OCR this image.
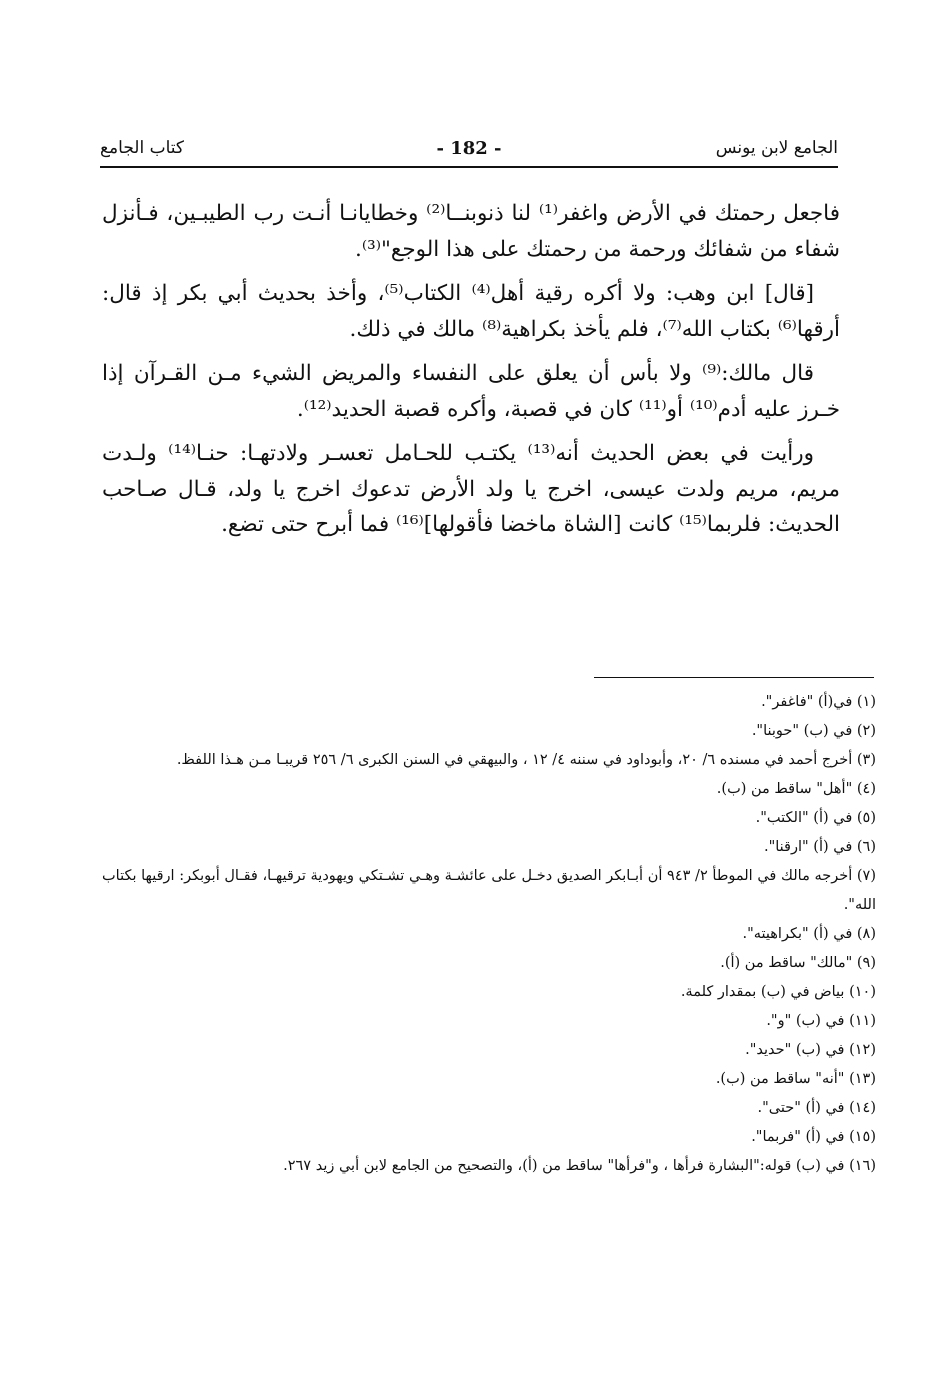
الجامع لابن يونس
- 182 -
كتاب الجامع

فاجعل رحمتك في الأرض واغفر⁽¹⁾ لنا ذنوبنــا⁽²⁾ وخطايانـا أنـت رب الطيبـين، فـأنزل شفاء من شفائك ورحمة من رحمتك على هذا الوجع"⁽³⁾.

[قال] ابن وهب: ولا أكره رقية أهل⁽⁴⁾ الكتاب⁽⁵⁾، وأخذ بحديث أبي بكر إذ قال: أرقها⁽⁶⁾ بكتاب الله⁽⁷⁾، فلم يأخذ بكراهية⁽⁸⁾ مالك في ذلك.

قال مالك:⁽⁹⁾ ولا بأس أن يعلق على النفساء والمريض الشيء مـن القـرآن إذا خـرز عليه أدم⁽¹⁰⁾ أو⁽¹¹⁾ كان في قصبة، وأكره قصبة الحديد⁽¹²⁾.

ورأيت في بعض الحديث أنه⁽¹³⁾ يكتـب للحـامل تعسـر ولادتهـا: حنـا⁽¹⁴⁾ ولـدت مريم، مريم ولدت عيسى، اخرج يا ولد الأرض تدعوك اخرج يا ولد، قـال صـاحب الحديث: فلربما⁽¹⁵⁾ كانت [الشاة ماخضا فأقولها]⁽¹⁶⁾ فما أبرح حتى تضع.

(١) في(أ) "فاغفر".
(٢) في (ب) "حوبنا".
(٣) أخرج أحمد في مسنده ٦/ ٢٠، وأبوداود في سننه ٤/ ١٢ ، والبيهقي في السنن الكبرى ٦/ ٢٥٦ قريبـا مـن هـذا اللفظ.
(٤) "أهل" ساقط من (ب).
(٥) في (أ) "الكتب".
(٦) في (أ) "ارقنا".
(٧) أخرجه مالك في الموطأ ٢/ ٩٤٣ أن أبـابكر الصديق دخـل على عائشـة وهـي تشـتكي ويهودية ترقيهـا، فقـال أبوبكر: ارقيها بكتاب الله".
(٨) في (أ) "بكراهيته".
(٩) "مالك" ساقط من (أ).
(١٠) بياض في (ب) بمقدار كلمة.
(١١) في (ب) "و".
(١٢) في (ب) "حديد".
(١٣) "أنه" ساقط من (ب).
(١٤) في (أ) "حتى".
(١٥) في (أ) "فربما".
(١٦) في (ب) قوله:"البشارة فرأها ، و"فرأها" ساقط من (أ)، والتصحيح من الجامع لابن أبي زيد ٢٦٧.
